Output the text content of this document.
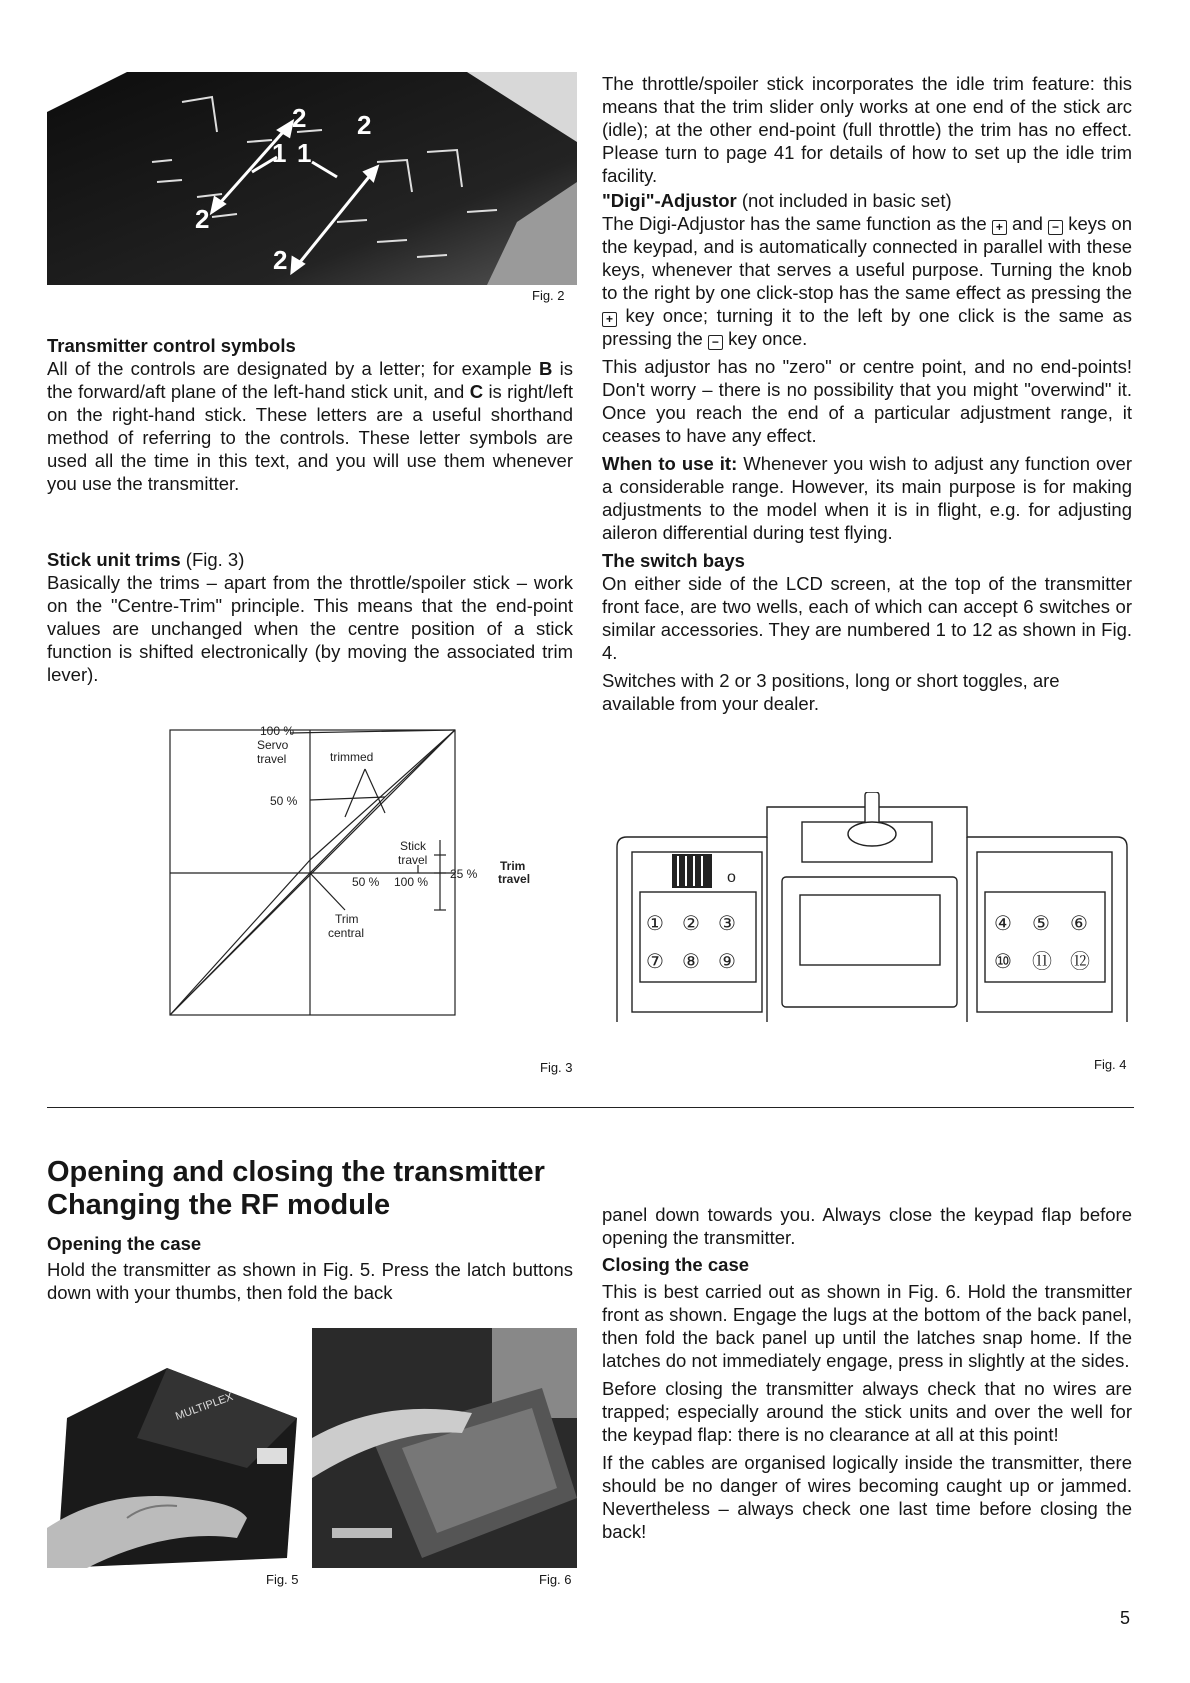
2 2
1 1
2
2
Fig. 2

Transmitter control symbols

All of the controls are designated by a letter; for example B is the forward/aft plane of the left-hand stick unit, and C is right/left on the right-hand stick. These letters are a useful shorthand method of referring to the controls. These letter symbols are used all the time in this text, and you will use them whenever you use the transmitter.

Stick unit trims (Fig. 3)

Basically the trims – apart from the throttle/spoiler stick – work on the "Centre-Trim" principle. This means that the end-point values are unchanged when the centre position of a stick function is shifted electronically (by moving the associated trim lever).

100 %
Servo
travel	trimmed
50 %
Stick
travel
50 % 100 %
25 %
Trim
travel
Trim
central
Fig. 3

The throttle/spoiler stick incorporates the idle trim feature: this means that the trim slider only works at one end of the stick arc (idle); at the other end-point (full throttle) the trim has no effect. Please turn to page 41 for details of how to set up the idle trim facility.

"Digi"-Adjustor (not included in basic set)

The Digi-Adjustor has the same function as the + and − keys on the keypad, and is automatically connected in parallel with these keys, whenever that serves a useful purpose. Turning the knob to the right by one click-stop has the same effect as pressing the + key once; turning it to the left by one click is the same as pressing the − key once.

This adjustor has no "zero" or centre point, and no end-points! Don't worry – there is no possibility that you might "overwind" it. Once you reach the end of a particular adjustment range, it ceases to have any effect.

When to use it: Whenever you wish to adjust any function over a considerable range. However, its main purpose is for making adjustments to the model when it is in flight, e.g. for adjusting aileron differential during test flying.

The switch bays

On either side of the LCD screen, at the top of the transmitter front face, are two wells, each of which can accept 6 switches or similar accessories. They are numbered 1 to 12 as shown in Fig. 4.

Switches with 2 or 3 positions, long or short toggles, are available from your dealer.

o
① ② ③
⑦ ⑧ ⑨
④ ⑤ ⑥
⑩ ⑪ ⑫
Fig. 4
Opening and closing the transmitter
Changing the RF module

Opening the case

Hold the transmitter as shown in Fig. 5. Press the latch buttons down with your thumbs, then fold the back

MULTIPLEX
Fig. 5	Fig. 6

panel down towards you. Always close the keypad flap before opening the transmitter.

Closing the case

This is best carried out as shown in Fig. 6. Hold the transmitter front as shown. Engage the lugs at the bottom of the back panel, then fold the back panel up until the latches snap home. If the latches do not immediately engage, press in slightly at the sides.

Before closing the transmitter always check that no wires are trapped; especially around the stick units and over the well for the keypad flap: there is no clearance at all at this point!

If the cables are organised logically inside the transmitter, there should be no danger of wires becoming caught up or jammed. Nevertheless – always check one last time before closing the back!

5
